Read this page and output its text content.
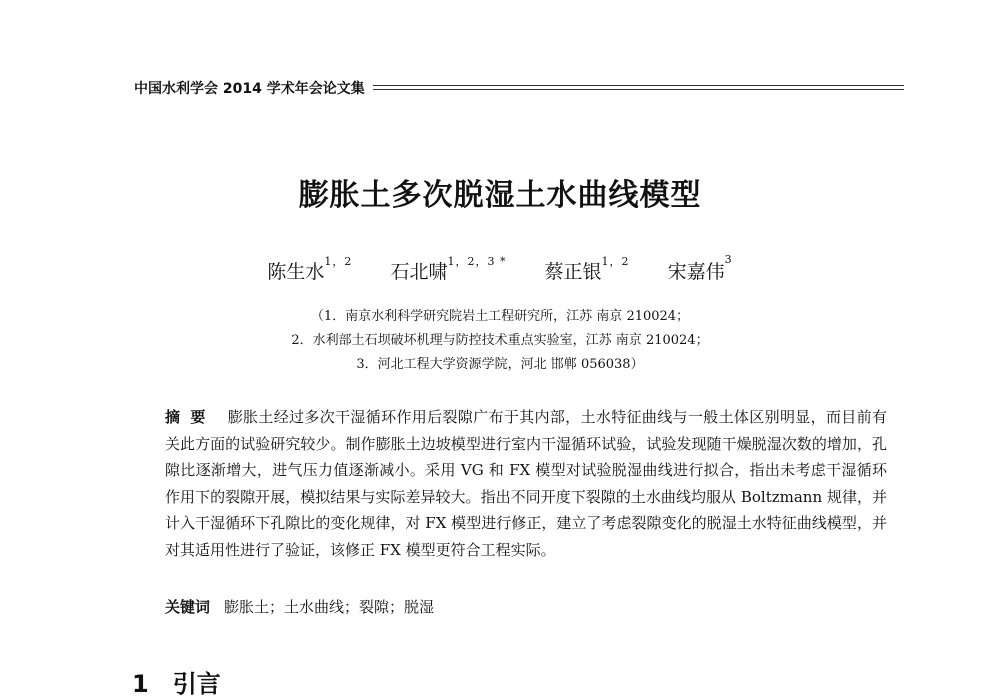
中国水利学会 2014 学术年会论文集
膨胀土多次脱湿土水曲线模型
陈生水$^{1,2}$ 石北啸$^{1,2,3 *}$ 蔡正银$^{1,2}$ 宋嘉伟$^3$
（1．南京水利科学研究院岩土工程研究所，江苏 南京 210024；
2．水利部土石坝破坏机理与防控技术重点实验室，江苏 南京 210024；
3．河北工程大学资源学院，河北 邯郸 056038）
摘要 膨胀土经过多次干湿循环作用后裂隙广布于其内部，土水特征曲线与一般土体区别明显，而目前有关此方面的试验研究较少。制作膨胀土边坡模型进行室内干湿循环试验，试验发现随干燥脱湿次数的增加，孔隙比逐渐增大，进气压力值逐渐减小。采用 VG 和 FX 模型对试验脱湿曲线进行拟合，指出未考虑干湿循环作用下的裂隙开展，模拟结果与实际差异较大。指出不同开度下裂隙的土水曲线均服从 Boltzmann 规律，并计入干湿循环下孔隙比的变化规律，对 FX 模型进行修正，建立了考虑裂隙变化的脱湿土水特征曲线模型，并对其适用性进行了验证，该修正 FX 模型更符合工程实际。
关键词 膨胀土；土水曲线；裂隙；脱湿
1 引言
